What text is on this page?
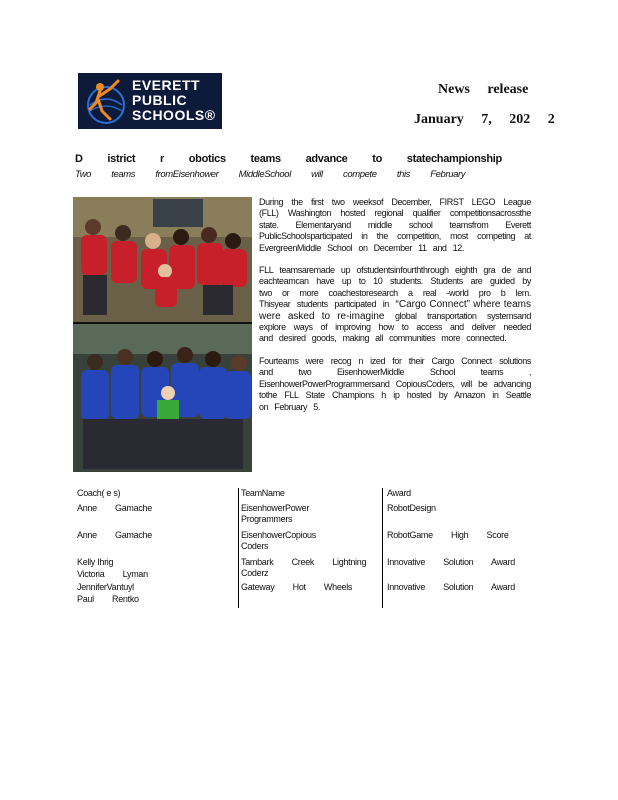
EVERETT
PUBLIC
SCHOOLS®
News release
January 7, 202 2
D istrict r obotics teams advance to statechampionship
Two teams fromEisenhower MiddleSchool will compete this February

During the first two weeksof December, FIRST LEGO League (FLL) Washington hosted regional qualifier competitionsacrossthe state. Elementaryand middle school teamsfrom Everett PublicSchoolsparticipated in the competition, most competing at EvergreenMiddle School on December 11 and 12.

FLL teamsaremade up ofstudentsinfourththrough eighth gra de and eachteamcan have up to 10 students. Students are guided by two or more coachestoresearch a real -world pro b lem. Thisyear students participated in “Cargo Connect” where teams were asked to re-imagine global transportation systemsand explore ways of improving how to access and deliver needed and desired goods, making all communities more connected.

Fourteams were recog n ized for their Cargo Connect solutions and two EisenhowerMiddle School teams , EisenhowerPowerProgrammersand CopiousCoders, will be advancing tothe FLL State Champions h ip hosted by Amazon in Seattle on February 5.

Coach( e s)
Anne Gamache
Anne Gamache
Kelly Ihrig
Victoria Lyman
JenniferVantuyl
Paul Rentko
TeamName
EisenhowerPower Programmers
EisenhowerCopious Coders
Tambark Creek Lightning Coderz
Gateway Hot Wheels
Award
RobotDesign
RobotGame High Score
Innovative Solution Award
Innovative Solution Award
